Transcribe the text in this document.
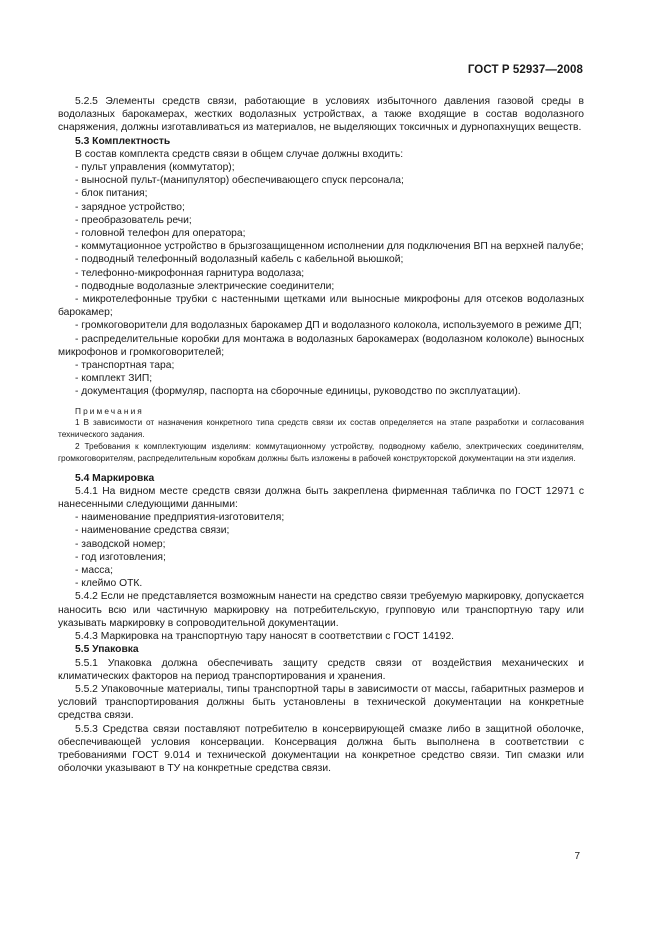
ГОСТ Р 52937—2008

5.2.5 Элементы средств связи, работающие в условиях избыточного давления газовой среды в водолазных барокамерах, жестких водолазных устройствах, а также входящие в состав водолазного снаряжения, должны изготавливаться из материалов, не выделяющих токсичных и дурнопахнущих веществ.

5.3 Комплектность

В состав комплекта средств связи в общем случае должны входить:

- пульт управления (коммутатор);

- выносной пульт-(манипулятор) обеспечивающего спуск персонала;

- блок питания;

- зарядное устройство;

- преобразователь речи;

- головной телефон для оператора;

- коммутационное устройство в брызгозащищенном исполнении для подключения ВП на верхней палубе;

- подводный телефонный водолазный кабель с кабельной вьюшкой;

- телефонно-микрофонная гарнитура водолаза;

- подводные водолазные электрические соединители;

- микротелефонные трубки с настенными щетками или выносные микрофоны для отсеков водолазных барокамер;

- громкоговорители для водолазных барокамер ДП и водолазного колокола, используемого в режиме ДП;

- распределительные коробки для монтажа в водолазных барокамерах (водолазном колоколе) выносных микрофонов и громкоговорителей;

- транспортная тара;

- комплект ЗИП;

- документация (формуляр, паспорта на сборочные единицы, руководство по эксплуатации).

Примечания

1 В зависимости от назначения конкретного типа средств связи их состав определяется на этапе разработки и согласования технического задания.

2 Требования к комплектующим изделиям: коммутационному устройству, подводному кабелю, электрических соединителям, громкоговорителям, распределительным коробкам должны быть изложены в рабочей конструкторской документации на эти изделия.

5.4 Маркировка

5.4.1 На видном месте средств связи должна быть закреплена фирменная табличка по ГОСТ 12971 с нанесенными следующими данными:

- наименование предприятия-изготовителя;

- наименование средства связи;

- заводской номер;

- год изготовления;

- масса;

- клеймо ОТК.

5.4.2 Если не представляется возможным нанести на средство связи требуемую маркировку, допускается наносить всю или частичную маркировку на потребительскую, групповую или транспортную тару или указывать маркировку в сопроводительной документации.

5.4.3 Маркировка на транспортную тару наносят в соответствии с ГОСТ 14192.

5.5 Упаковка

5.5.1 Упаковка должна обеспечивать защиту средств связи от воздействия механических и климатических факторов на период транспортирования и хранения.

5.5.2 Упаковочные материалы, типы транспортной тары в зависимости от массы, габаритных размеров и условий транспортирования должны быть установлены в технической документации на конкретные средства связи.

5.5.3 Средства связи поставляют потребителю в консервирующей смазке либо в защитной оболочке, обеспечивающей условия консервации. Консервация должна быть выполнена в соответствии с требованиями ГОСТ 9.014 и технической документации на конкретное средство связи. Тип смазки или оболочки указывают в ТУ на конкретные средства связи.

7
